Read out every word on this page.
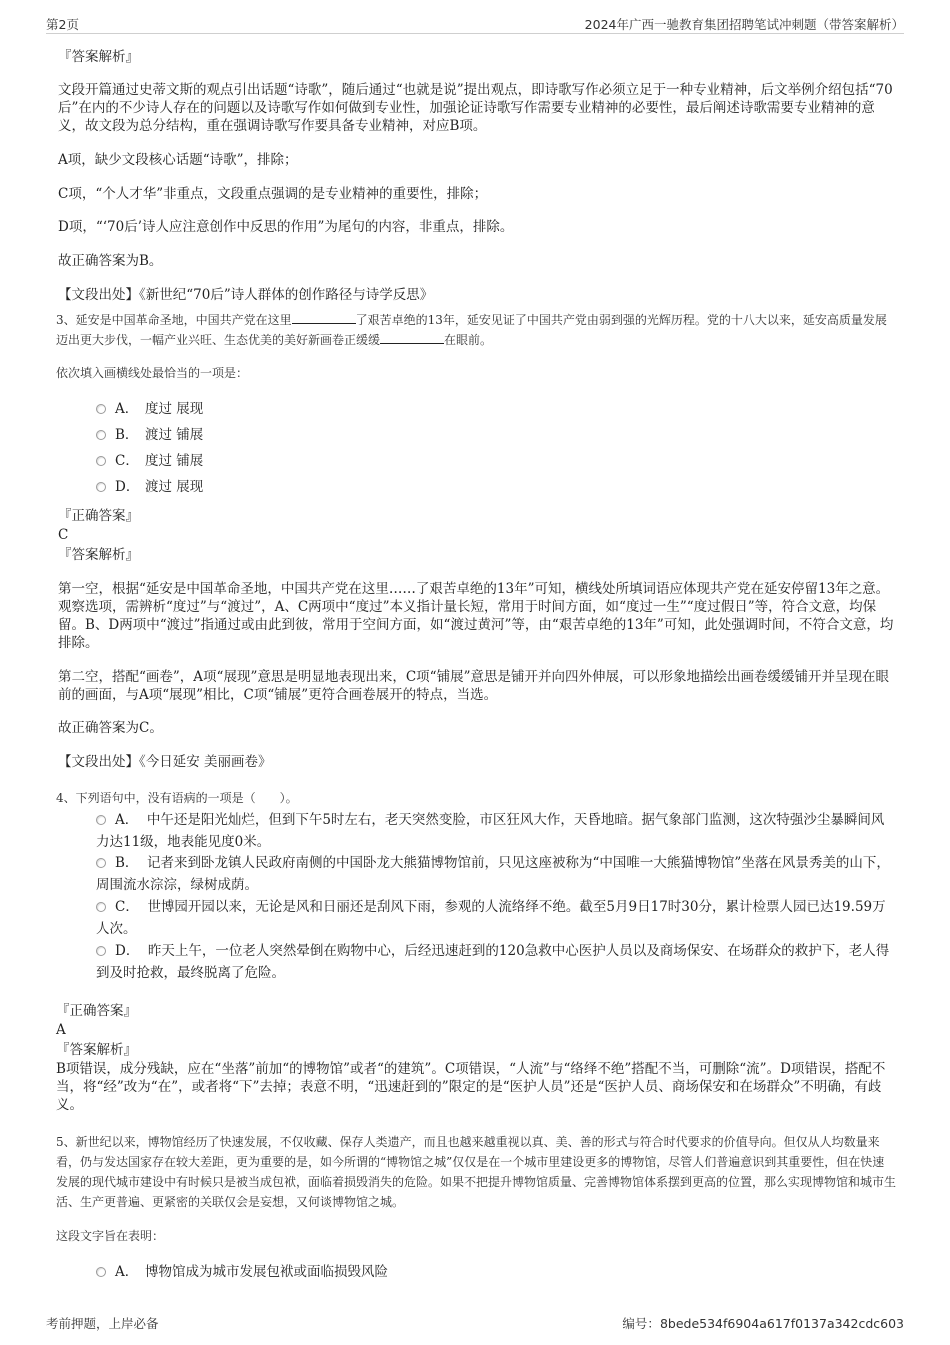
第2页	2024年广西一驰教育集团招聘笔试冲刺题（带答案解析）

『答案解析』

文段开篇通过史蒂文斯的观点引出话题“诗歌”，随后通过“也就是说”提出观点，即诗歌写作必须立足于一种专业精神，后文举例介绍包括“70后”在内的不少诗人存在的问题以及诗歌写作如何做到专业性，加强论证诗歌写作需要专业精神的必要性，最后阐述诗歌需要专业精神的意义，故文段为总分结构，重在强调诗歌写作要具备专业精神，对应B项。

A项，缺少文段核心话题“诗歌”，排除；

C项，“个人才华”非重点，文段重点强调的是专业精神的重要性，排除；

D项，“‘70后’诗人应注意创作中反思的作用”为尾句的内容，非重点，排除。

故正确答案为B。

【文段出处】《新世纪“70后”诗人群体的创作路径与诗学反思》

3、延安是中国革命圣地，中国共产党在这里	了艰苦卓绝的13年，延安见证了中国共产党由弱到强的光辉历程。党的十八大以来，延安高质量发展迈出更大步伐，一幅产业兴旺、生态优美的美好新画卷正缓缓	在眼前。

依次填入画横线处最恰当的一项是：

A． 度过 展现
B． 渡过 铺展
C． 度过 铺展
D． 渡过 展现

『正确答案』

C

『答案解析』

第一空，根据“延安是中国革命圣地，中国共产党在这里……了艰苦卓绝的13年”可知，横线处所填词语应体现共产党在延安停留13年之意。观察选项，需辨析“度过”与“渡过”，A、C两项中“度过”本义指计量长短，常用于时间方面，如“度过一生”“度过假日”等，符合文意，均保留。B、D两项中“渡过”指通过或由此到彼，常用于空间方面，如“渡过黄河”等，由“艰苦卓绝的13年”可知，此处强调时间，不符合文意，均排除。

第二空，搭配“画卷”，A项“展现”意思是明显地表现出来，C项“铺展”意思是铺开并向四外伸展，可以形象地描绘出画卷缓缓铺开并呈现在眼前的画面，与A项“展现”相比，C项“铺展”更符合画卷展开的特点，当选。

故正确答案为C。

【文段出处】《今日延安 美丽画卷》

4、下列语句中，没有语病的一项是（　　）。

A． 中午还是阳光灿烂，但到下午5时左右，老天突然变脸，市区狂风大作，天昏地暗。据气象部门监测，这次特强沙尘暴瞬间风力达11级，地表能见度0米。
B． 记者来到卧龙镇人民政府南侧的中国卧龙大熊猫博物馆前，只见这座被称为“中国唯一大熊猫博物馆”坐落在风景秀美的山下，周围流水淙淙，绿树成荫。
C． 世博园开园以来，无论是风和日丽还是刮风下雨，参观的人流络绎不绝。截至5月9日17时30分，累计检票人园已达19.59万人次。
D． 昨天上午，一位老人突然晕倒在购物中心，后经迅速赶到的120急救中心医护人员以及商场保安、在场群众的救护下，老人得到及时抢救，最终脱离了危险。

『正确答案』

A

『答案解析』

B项错误，成分残缺，应在“坐落”前加“的博物馆”或者“的建筑”。C项错误，“人流”与“络绎不绝”搭配不当，可删除“流”。D项错误，搭配不当，将“经”改为“在”，或者将“下”去掉；表意不明，“迅速赶到的”限定的是“医护人员”还是“医护人员、商场保安和在场群众”不明确，有歧义。

5、新世纪以来，博物馆经历了快速发展，不仅收藏、保存人类遗产，而且也越来越重视以真、美、善的形式与符合时代要求的价值导向。但仅从人均数量来看，仍与发达国家存在较大差距，更为重要的是，如今所谓的“博物馆之城”仅仅是在一个城市里建设更多的博物馆，尽管人们普遍意识到其重要性，但在快速发展的现代城市建设中有时候只是被当成包袱，面临着损毁消失的危险。如果不把提升博物馆质量、完善博物馆体系摆到更高的位置，那么实现博物馆和城市生活、生产更普遍、更紧密的关联仅会是妄想，又何谈博物馆之城。

这段文字旨在表明：

A． 博物馆成为城市发展包袱或面临损毁风险
考前押题，上岸必备	编号：8bede534f6904a617f0137a342cdc603
